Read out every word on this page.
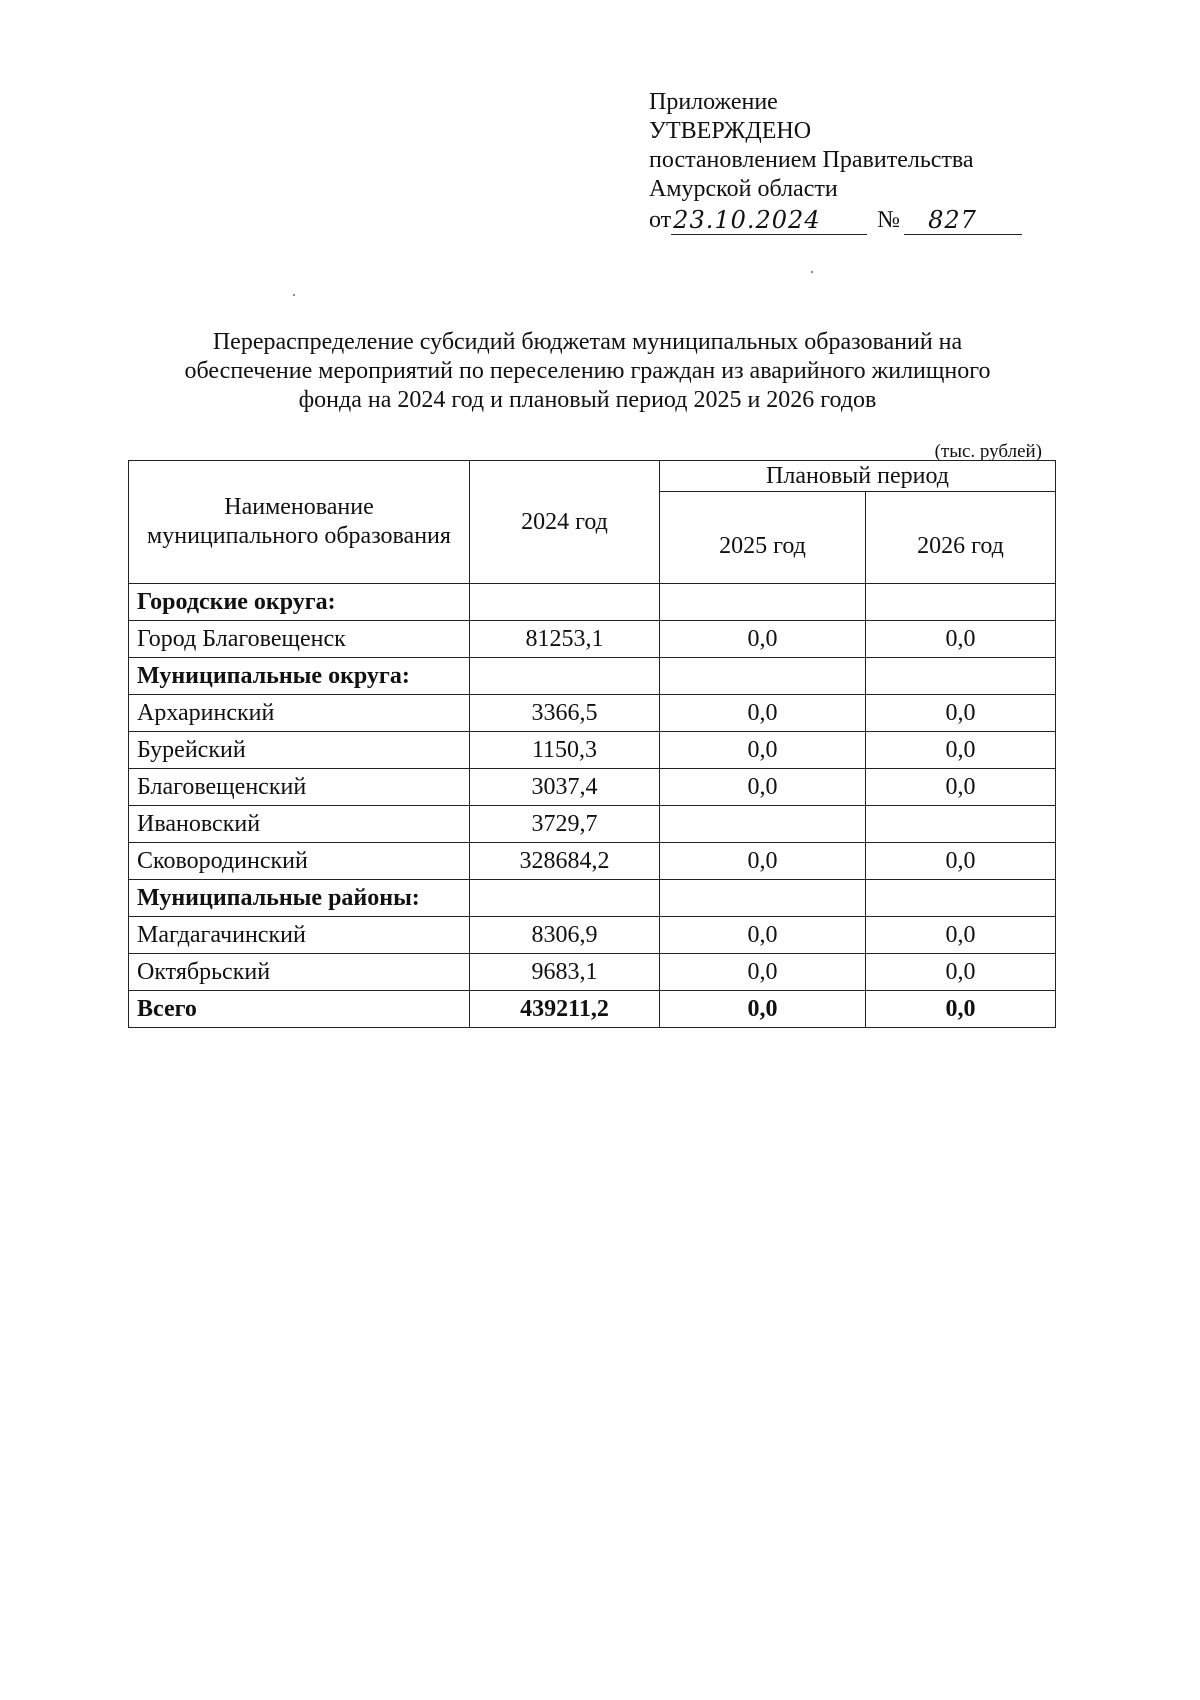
Приложение
УТВЕРЖДЕНО
постановлением Правительства
Амурской области
от 23.10.2024	№	827
Перераспределение субсидий бюджетам муниципальных образований на
обеспечение мероприятий по переселению граждан из аварийного жилищного
фонда на 2024 год и плановый период 2025 и 2026 годов
(тыс. рублей)
Наименование муниципального образования	2024 год	Плановый период	
		2025 год	2026 год
Городские округа:			
Город Благовещенск	81253,1	0,0	0,0
Муниципальные округа:			
Архаринский	3366,5	0,0	0,0
Бурейский	1150,3	0,0	0,0
Благовещенский	3037,4	0,0	0,0
Ивановский	3729,7		
Сковородинский	328684,2	0,0	0,0
Муниципальные районы:			
Магдагачинский	8306,9	0,0	0,0
Октябрьский	9683,1	0,0	0,0
Всего	439211,2	0,0	0,0
